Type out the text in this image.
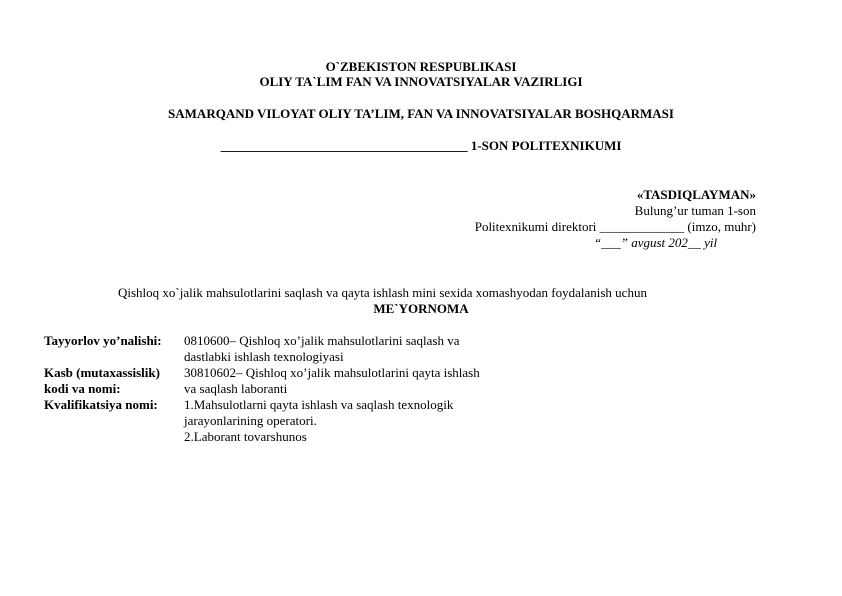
O`ZBEKISTON RESPUBLIKASI
OLIY TA`LIM FAN VA INNOVATSIYALAR VAZIRLIGI
SAMARQAND VILOYAT OLIY TA’LIM, FAN VA INNOVATSIYALAR BOSHQARMASI
______________________________________ 1-SON POLITEXNIKUMI
«TASDIQLAYMAN»
Bulung’ur tuman 1-son
Politexnikumi direktori _____________ (imzo, muhr)
“___” avgust 202__ yil
Qishloq xo`jalik mahsulotlarini saqlash va qayta ishlash mini sexida xomashyodan foydalanish uchun
ME`YORNOMA
Tayyorlov yo’nalishi: 0810600– Qishloq xo’jalik mahsulotlarini saqlash va
dastlabki ishlash texnologiyasi
Kasb (mutaxassislik)
kodi va nomi:
30810602– Qishloq xo’jalik mahsulotlarini qayta ishlash
va saqlash laboranti
Kvalifikatsiya nomi: 1.Mahsulotlarni qayta ishlash va saqlash texnologik
jarayonlarining operatori.
2.Laborant tovarshunos
